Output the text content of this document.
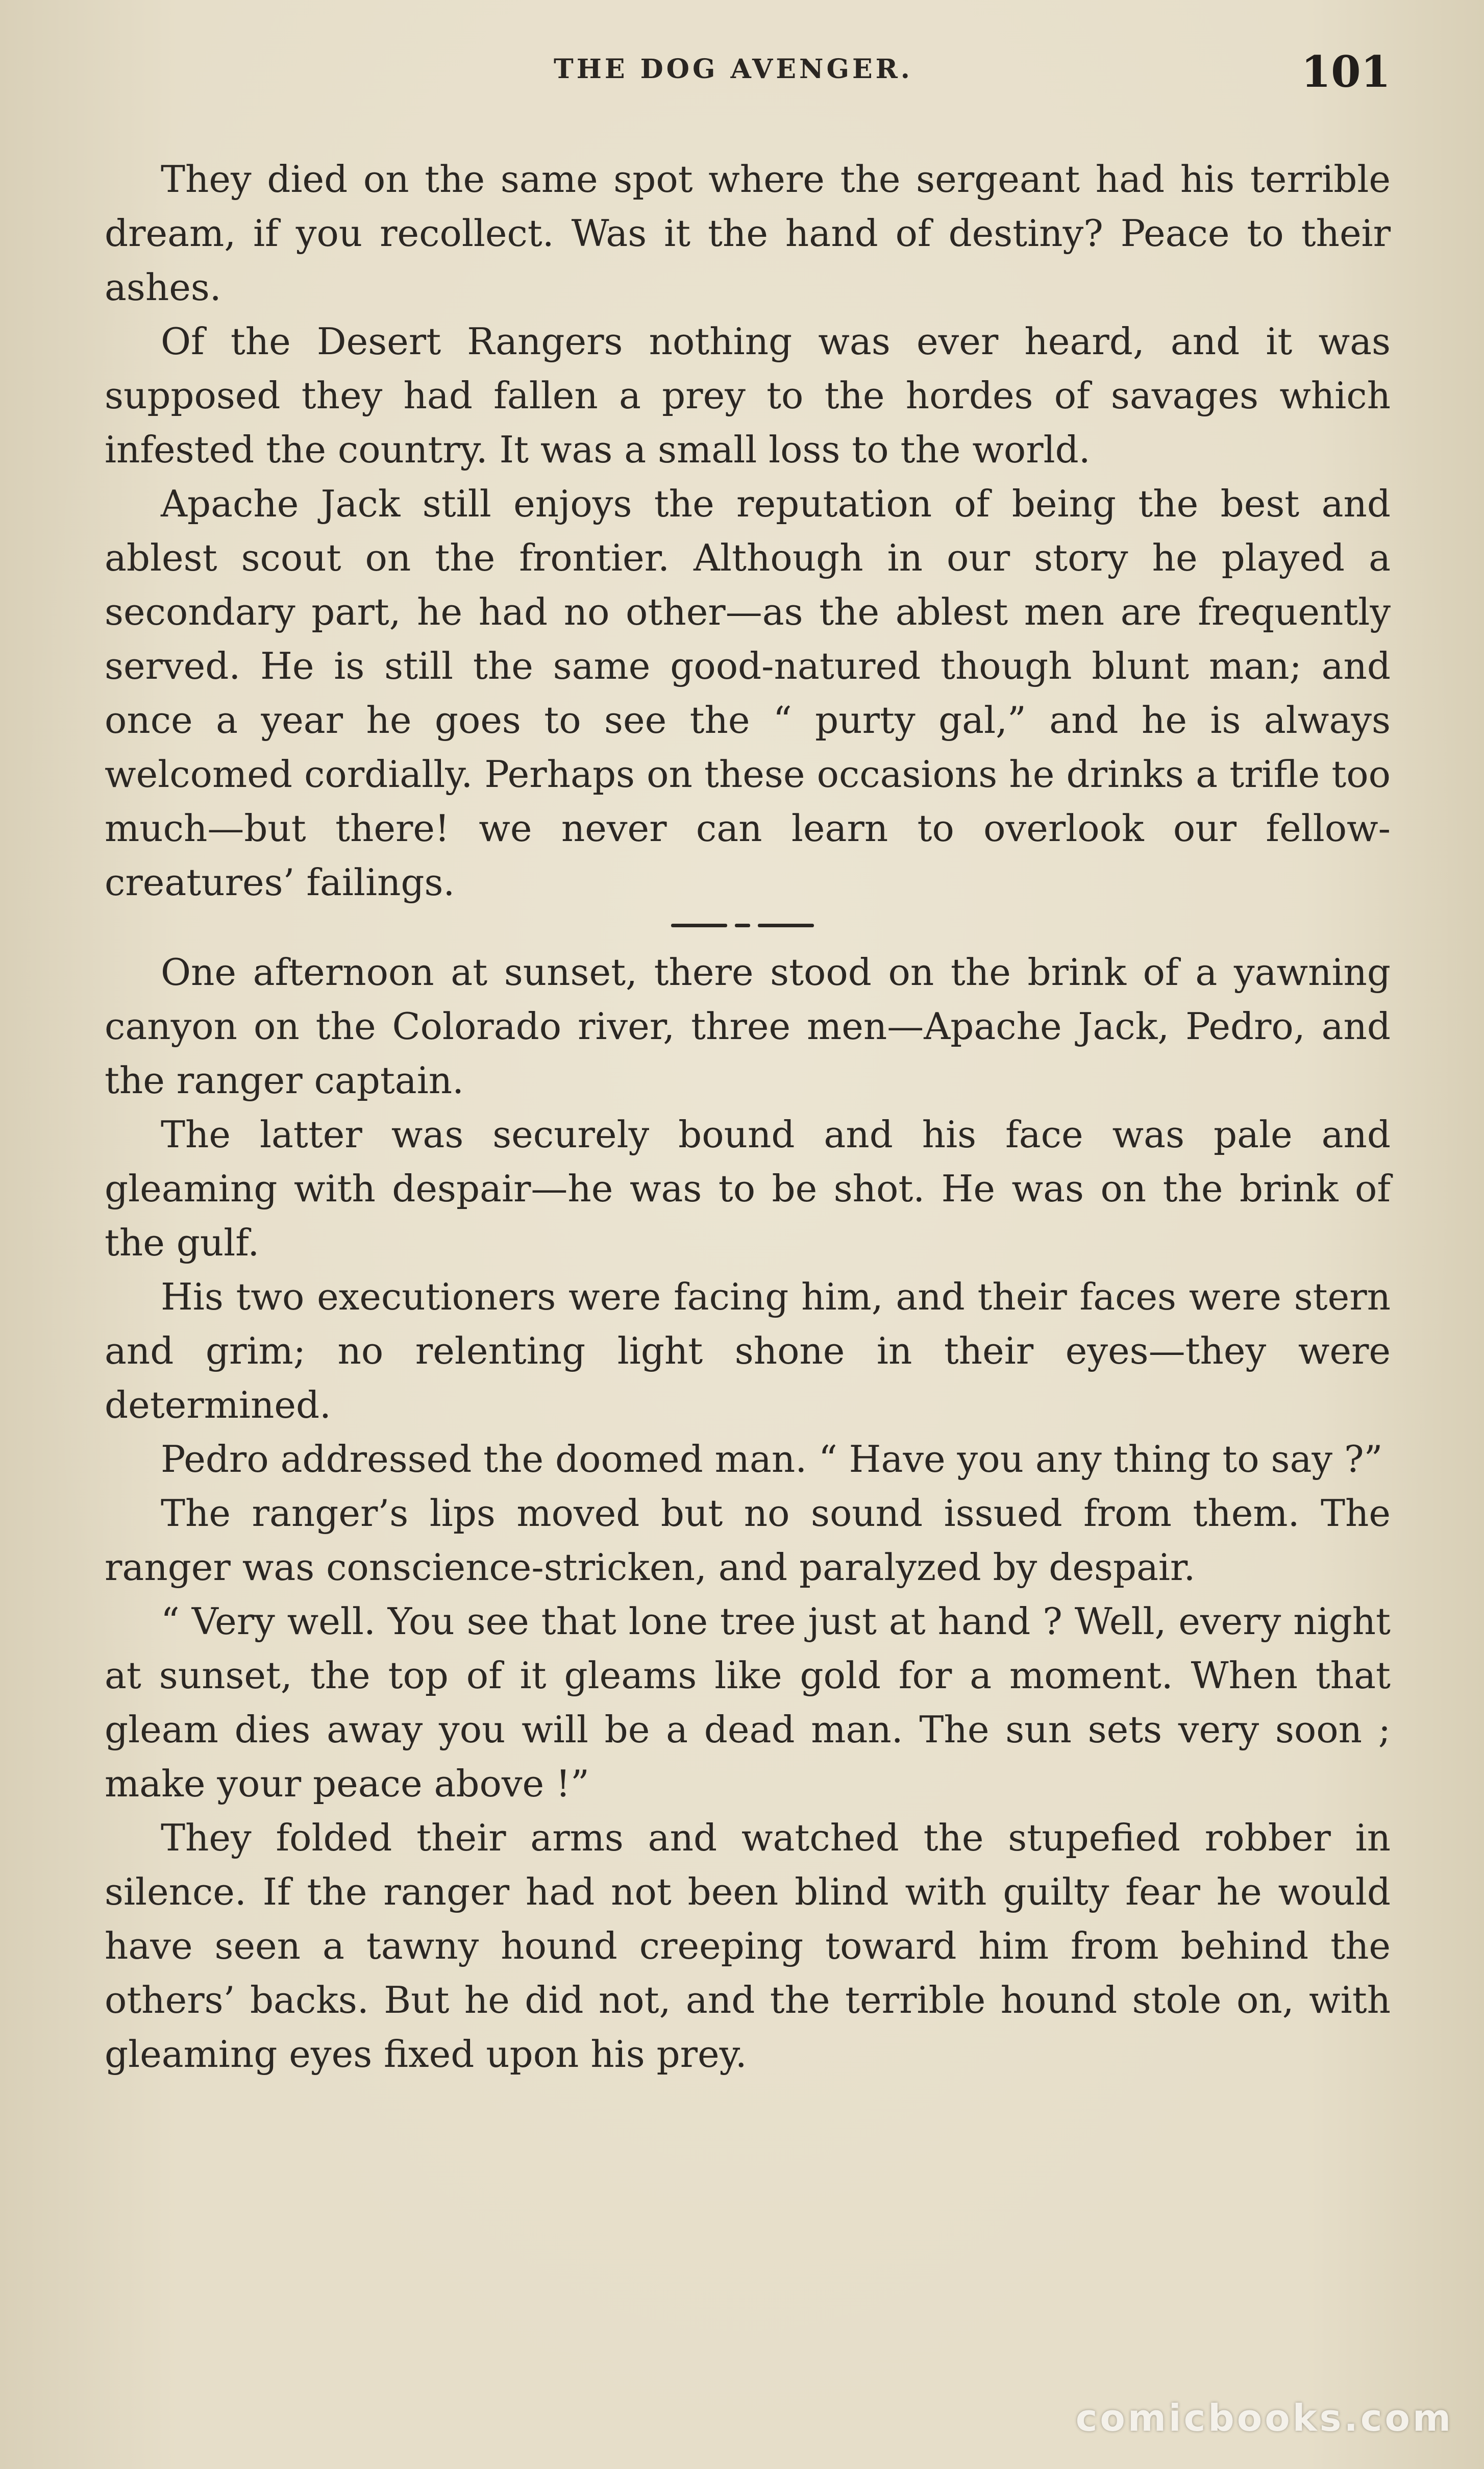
THE DOG AVENGER.	101

They died on the same spot where the sergeant had his terrible dream, if you recollect. Was it the hand of destiny? Peace to their ashes.

Of the Desert Rangers nothing was ever heard, and it was supposed they had fallen a prey to the hordes of savages which infested the country. It was a small loss to the world.

Apache Jack still enjoys the reputation of being the best and ablest scout on the frontier. Although in our story he played a secondary part, he had no other—as the ablest men are frequently served. He is still the same good-natured though blunt man; and once a year he goes to see the “ purty gal,” and he is always welcomed cordially. Perhaps on these occasions he drinks a trifle too much—but there! we never can learn to overlook our fellow-creatures’ failings.

One afternoon at sunset, there stood on the brink of a yawning canyon on the Colorado river, three men—Apache Jack, Pedro, and the ranger captain.

The latter was securely bound and his face was pale and gleaming with despair—he was to be shot. He was on the brink of the gulf.

His two executioners were facing him, and their faces were stern and grim; no relenting light shone in their eyes—they were determined.

Pedro addressed the doomed man. “ Have you any thing to say ?”

The ranger’s lips moved but no sound issued from them. The ranger was conscience-stricken, and paralyzed by despair.

“ Very well. You see that lone tree just at hand ? Well, every night at sunset, the top of it gleams like gold for a moment. When that gleam dies away you will be a dead man. The sun sets very soon ; make your peace above !”

They folded their arms and watched the stupefied robber in silence. If the ranger had not been blind with guilty fear he would have seen a tawny hound creeping toward him from behind the others’ backs. But he did not, and the terrible hound stole on, with gleaming eyes fixed upon his prey.

comicbooks.com
